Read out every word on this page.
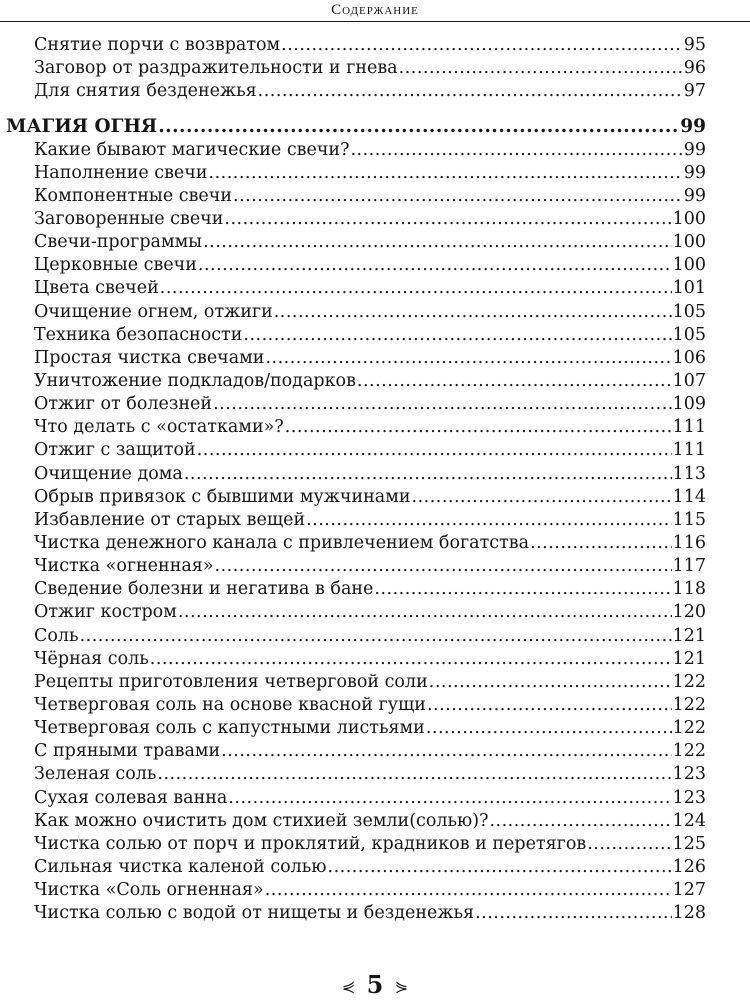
Содержание
Снятие порчи с возвратом .....	95
Заговор от раздражительности и гнева .....	96
Для снятия безденежья .....	97
МАГИЯ ОГНЯ .....	99
Какие бывают магические свечи? .....	99
Наполнение свечи .....	99
Компонентные свечи .....	99
Заговоренные свечи .....	100
Свечи-программы .....	100
Церковные свечи .....	100
Цвета свечей .....	101
Очищение огнем, отжиги .....	105
Техника безопасности .....	105
Простая чистка свечами .....	106
Уничтожение подкладов/подарков .....	107
Отжиг от болезней .....	109
Что делать с «остатками»? .....	111
Отжиг с защитой .....	111
Очищение дома .....	113
Обрыв привязок с бывшими мужчинами .....	114
Избавление от старых вещей .....	115
Чистка денежного канала с привлечением богатства .....	116
Чистка «огненная» .....	117
Сведение болезни и негатива в бане .....	118
Отжиг костром .....	120
Соль .....	121
Чёрная соль .....	121
Рецепты приготовления четверговой соли .....	122
Четверговая соль на основе квасной гущи .....	122
Четверговая соль с капустными листьями .....	122
С пряными травами .....	122
Зеленая соль .....	123
Сухая солевая ванна .....	123
Как можно очистить дом стихией земли(солью)? .....	124
Чистка солью от порч и проклятий, крадников и перетягов .....	125
Сильная чистка каленой солью .....	126
Чистка «Соль огненная» .....	127
Чистка солью с водой от нищеты и безденежья .....	128
⋞ 5 ⋟
